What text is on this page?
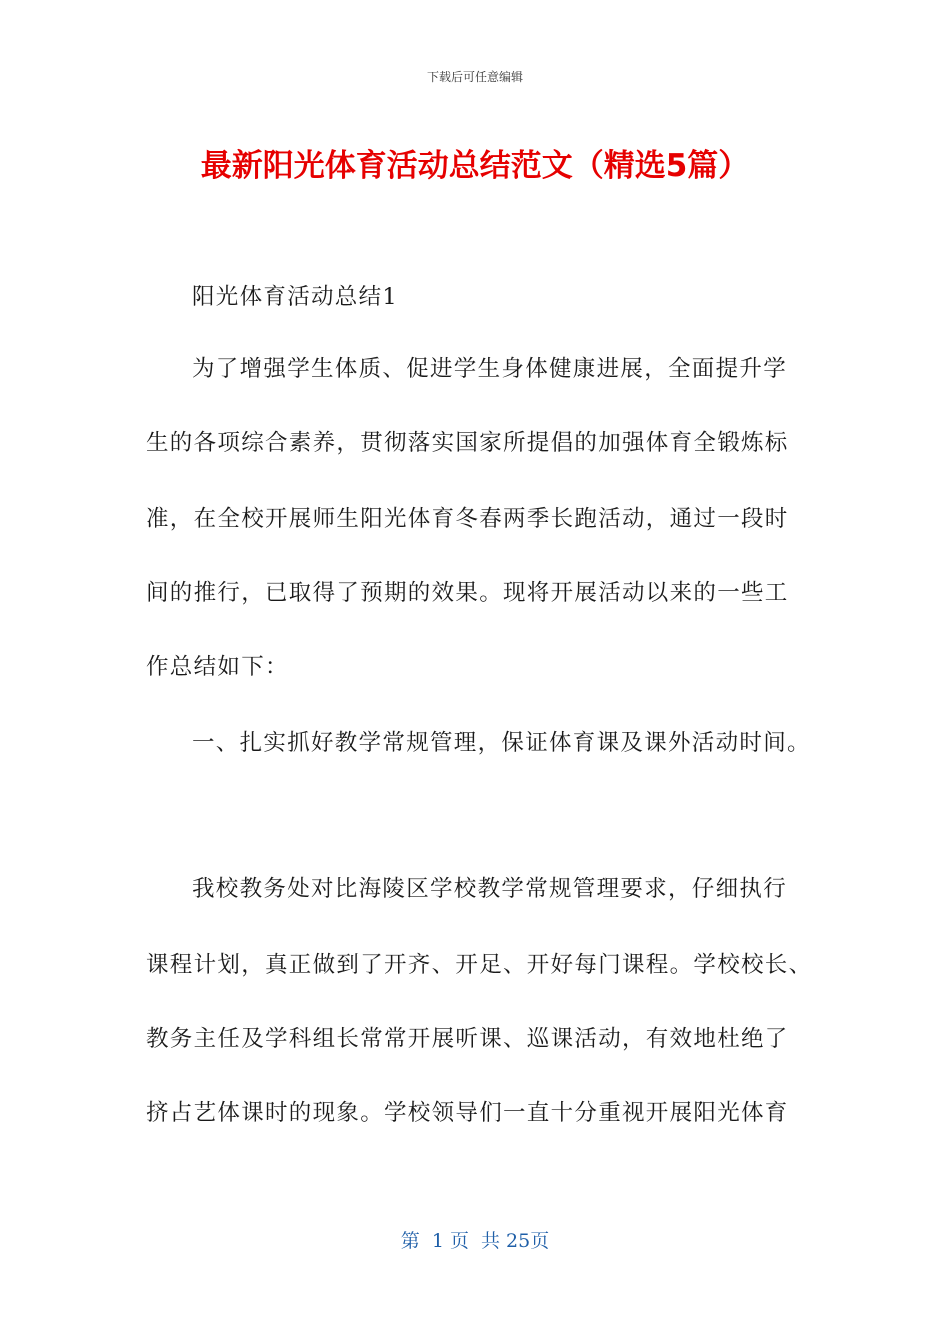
下载后可任意编辑
最新阳光体育活动总结范文（精选5篇）
阳光体育活动总结1
为了增强学生体质、促进学生身体健康进展，全面提升学
生的各项综合素养，贯彻落实国家所提倡的加强体育全锻炼标
准，在全校开展师生阳光体育冬春两季长跑活动，通过一段时
间的推行，已取得了预期的效果。现将开展活动以来的一些工
作总结如下：
一、扎实抓好教学常规管理，保证体育课及课外活动时间。
我校教务处对比海陵区学校教学常规管理要求，仔细执行
课程计划，真正做到了开齐、开足、开好每门课程。学校校长、
教务主任及学科组长常常开展听课、巡课活动，有效地杜绝了
挤占艺体课时的现象。学校领导们一直十分重视开展阳光体育
第  1 页  共 25页
